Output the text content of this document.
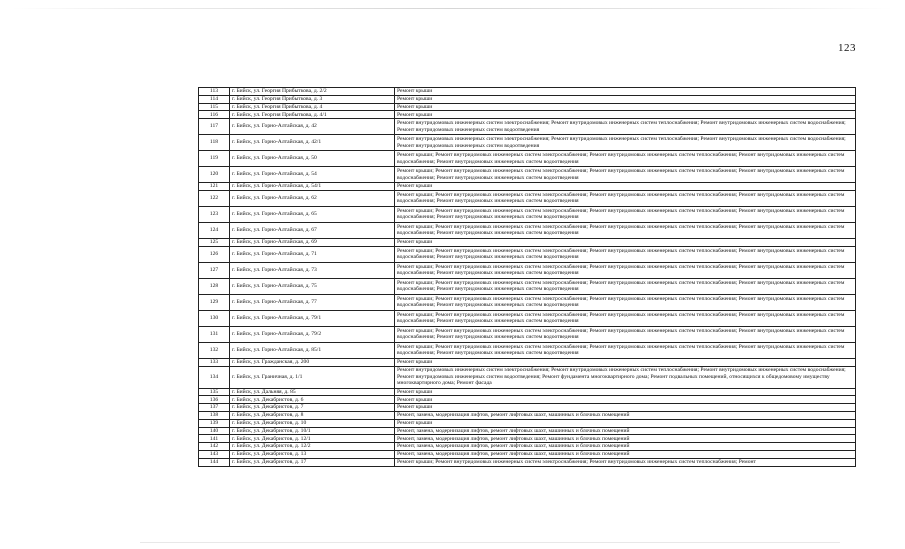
123
113	г. Бийск, ул. Георгия Прибыткова, д. 2/2	Ремонт крыши
114	г. Бийск, ул. Георгия Прибыткова, д. 3	Ремонт крыши
115	г. Бийск, ул. Георгия Прибыткова, д. 4	Ремонт крыши
116	г. Бийск, ул. Георгия Прибыткова, д. 4/1	Ремонт крыши
117	г. Бийск, ул. Горно-Алтайская, д. 42	Ремонт внутридомовых инженерных систем электроснабжения; Ремонт внутридомовых инженерных систем теплоснабжения; Ремонт внутридомовых инженерных систем водоснабжения; Ремонт внутридомовых инженерных систем водоотведения
118	г. Бийск, ул. Горно-Алтайская, д. 42/1	Ремонт внутридомовых инженерных систем электроснабжения; Ремонт внутридомовых инженерных систем теплоснабжения; Ремонт внутридомовых инженерных систем водоснабжения; Ремонт внутридомовых инженерных систем водоотведения
119	г. Бийск, ул. Горно-Алтайская, д. 50	Ремонт крыши; Ремонт внутридомовых инженерных систем электроснабжения; Ремонт внутридомовых инженерных систем теплоснабжения; Ремонт внутридомовых инженерных систем водоснабжения; Ремонт внутридомовых инженерных систем водоотведения
120	г. Бийск, ул. Горно-Алтайская, д. 54	Ремонт крыши; Ремонт внутридомовых инженерных систем электроснабжения; Ремонт внутридомовых инженерных систем теплоснабжения; Ремонт внутридомовых инженерных систем водоснабжения; Ремонт внутридомовых инженерных систем водоотведения
121	г. Бийск, ул. Горно-Алтайская, д. 54/1	Ремонт крыши
122	г. Бийск, ул. Горно-Алтайская, д. 62	Ремонт крыши; Ремонт внутридомовых инженерных систем электроснабжения; Ремонт внутридомовых инженерных систем теплоснабжения; Ремонт внутридомовых инженерных систем водоснабжения; Ремонт внутридомовых инженерных систем водоотведения
123	г. Бийск, ул. Горно-Алтайская, д. 65	Ремонт крыши; Ремонт внутридомовых инженерных систем электроснабжения; Ремонт внутридомовых инженерных систем теплоснабжения; Ремонт внутридомовых инженерных систем водоснабжения; Ремонт внутридомовых инженерных систем водоотведения
124	г. Бийск, ул. Горно-Алтайская, д. 67	Ремонт крыши; Ремонт внутридомовых инженерных систем электроснабжения; Ремонт внутридомовых инженерных систем теплоснабжения; Ремонт внутридомовых инженерных систем водоснабжения; Ремонт внутридомовых инженерных систем водоотведения
125	г. Бийск, ул. Горно-Алтайская, д. 69	Ремонт крыши
126	г. Бийск, ул. Горно-Алтайская, д. 71	Ремонт крыши; Ремонт внутридомовых инженерных систем электроснабжения; Ремонт внутридомовых инженерных систем теплоснабжения; Ремонт внутридомовых инженерных систем водоснабжения; Ремонт внутридомовых инженерных систем водоотведения
127	г. Бийск, ул. Горно-Алтайская, д. 73	Ремонт крыши; Ремонт внутридомовых инженерных систем электроснабжения; Ремонт внутридомовых инженерных систем теплоснабжения; Ремонт внутридомовых инженерных систем водоснабжения; Ремонт внутридомовых инженерных систем водоотведения
128	г. Бийск, ул. Горно-Алтайская, д. 75	Ремонт крыши; Ремонт внутридомовых инженерных систем электроснабжения; Ремонт внутридомовых инженерных систем теплоснабжения; Ремонт внутридомовых инженерных систем водоснабжения; Ремонт внутридомовых инженерных систем водоотведения
129	г. Бийск, ул. Горно-Алтайская, д. 77	Ремонт крыши; Ремонт внутридомовых инженерных систем электроснабжения; Ремонт внутридомовых инженерных систем теплоснабжения; Ремонт внутридомовых инженерных систем водоснабжения; Ремонт внутридомовых инженерных систем водоотведения
130	г. Бийск, ул. Горно-Алтайская, д. 79/1	Ремонт крыши; Ремонт внутридомовых инженерных систем электроснабжения; Ремонт внутридомовых инженерных систем теплоснабжения; Ремонт внутридомовых инженерных систем водоснабжения; Ремонт внутридомовых инженерных систем водоотведения
131	г. Бийск, ул. Горно-Алтайская, д. 79/2	Ремонт крыши; Ремонт внутридомовых инженерных систем электроснабжения; Ремонт внутридомовых инженерных систем теплоснабжения; Ремонт внутридомовых инженерных систем водоснабжения; Ремонт внутридомовых инженерных систем водоотведения
132	г. Бийск, ул. Горно-Алтайская, д. 85/1	Ремонт крыши; Ремонт внутридомовых инженерных систем электроснабжения; Ремонт внутридомовых инженерных систем теплоснабжения; Ремонт внутридомовых инженерных систем водоснабжения; Ремонт внутридомовых инженерных систем водоотведения
133	г. Бийск, ул. Гражданская, д. 200	Ремонт крыши
134	г. Бийск, ул. Граничная, д. 1/1	Ремонт внутридомовых инженерных систем электроснабжения; Ремонт внутридомовых инженерных систем теплоснабжения; Ремонт внутридомовых инженерных систем водоснабжения; Ремонт внутридомовых инженерных систем водоотведения; Ремонт фундамента многоквартирного дома; Ремонт подвальных помещений, относящихся к общедомовому имуществу многоквартирного дома; Ремонт фасада
135	г. Бийск, ул. Дальняя, д. 85	Ремонт крыши
136	г. Бийск, ул. Декабристов, д. 6	Ремонт крыши
137	г. Бийск, ул. Декабристов, д. 7	Ремонт крыши
138	г. Бийск, ул. Декабристов, д. 8	Ремонт, замена, модернизация лифтов, ремонт лифтовых шахт, машинных и блочных помещений
139	г. Бийск, ул. Декабристов, д. 10	Ремонт крыши
140	г. Бийск, ул. Декабристов, д. 10/1	Ремонт, замена, модернизация лифтов, ремонт лифтовых шахт, машинных и блочных помещений
141	г. Бийск, ул. Декабристов, д. 12/1	Ремонт, замена, модернизация лифтов, ремонт лифтовых шахт, машинных и блочных помещений
142	г. Бийск, ул. Декабристов, д. 12/2	Ремонт, замена, модернизация лифтов, ремонт лифтовых шахт, машинных и блочных помещений
143	г. Бийск, ул. Декабристов, д. 13	Ремонт, замена, модернизация лифтов, ремонт лифтовых шахт, машинных и блочных помещений
144	г. Бийск, ул. Декабристов, д. 17	Ремонт крыши; Ремонт внутридомовых инженерных систем электроснабжения; Ремонт внутридомовых инженерных систем теплоснабжения; Ремонт
